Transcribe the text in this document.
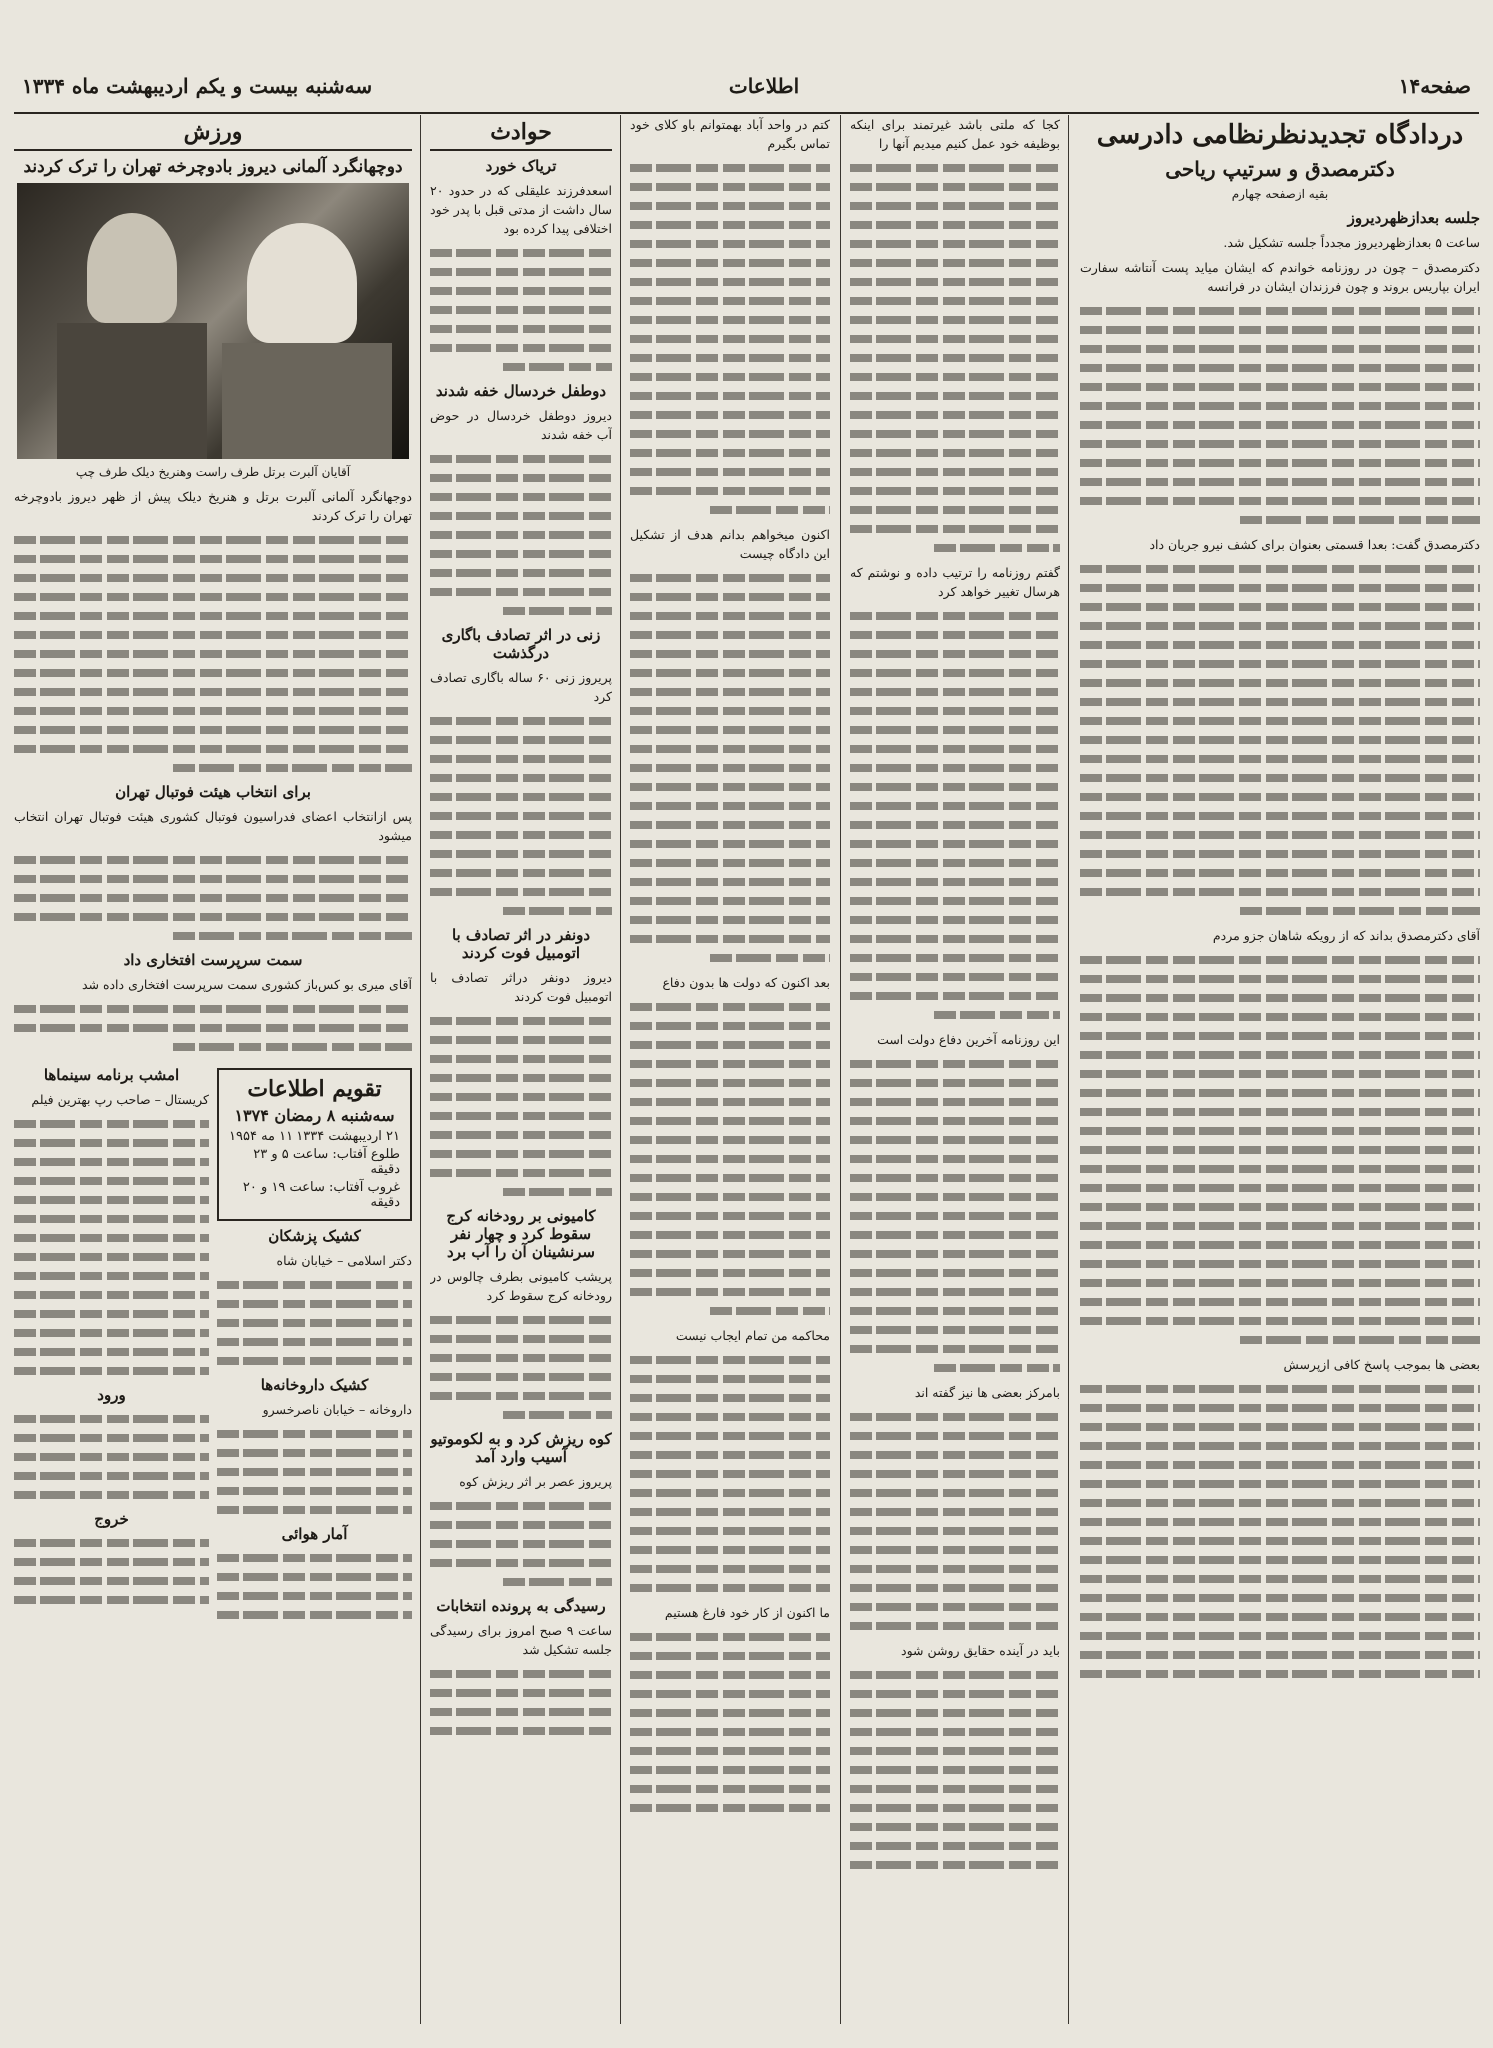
صفحه۱۴
اطلاعات
سه‌شنبه بیست و یکم اردیبهشت ماه ۱۳۳۴
دردادگاه تجدیدنظرنظامی دادرسی
دکترمصدق و سرتیپ ریاحی
بقیه ازصفحه چهارم
جلسه بعدازظهردیروز

ساعت ۵ بعدازظهردیروز مجدداً جلسه تشکیل شد.

دکترمصدق – چون در روزنامه خواندم که ایشان میاید پست آنتاشه سفارت ایران بپاریس بروند و چون فرزندان ایشان در فرانسه

دکترمصدق گفت: بعدا قسمتی بعنوان برای کشف نیرو جریان داد

آقای دکترمصدق بداند که از رویکه شاهان جزو مردم

بعضی ها بموجب پاسخ کافی ازپرسش

کجا که ملتی باشد غیرتمند برای اینکه بوظیفه خود عمل کنیم میدیم آنها را

گفتم روزنامه را ترتیب داده و نوشتم که هرسال تغییر خواهد کرد

این روزنامه آخرین دفاع دولت است

بامرکز بعضی ها نیز گفته اند

باید در آینده حقایق روشن شود

کتم در واحد آباد بهمتوانم باو کلای خود تماس بگیرم

اکنون میخواهم بدانم هدف از تشکیل این دادگاه چیست

بعد اکنون که دولت ها بدون دفاع

محاکمه من تمام ایجاب نیست

ما اکنون از کار خود فارغ هستیم

حوادث
تریاک خورد

اسعدفرزند علیقلی که در حدود ۲۰ سال داشت از مدتی قبل با پدر خود اختلافی پیدا کرده بود

دوطفل خردسال خفه شدند

دیروز دوطفل خردسال در حوض آب خفه شدند

زنی در اثر تصادف باگاری درگذشت

پریروز زنی ۶۰ ساله باگاری تصادف کرد

دونفر در اثر تصادف با اتومبیل فوت کردند

دیروز دونفر دراثر تصادف با اتومبیل فوت کردند

کامیونی بر رودخانه کرج سقوط کرد و چهار نفر سرنشینان آن را آب برد

پریشب کامیونی بطرف چالوس در رودخانه کرج سقوط کرد

کوه ریزش کرد و به لکوموتیو آسیب وارد آمد

پریروز عصر بر اثر ریزش کوه

رسیدگی به پرونده انتخابات

ساعت ۹ صبح امروز برای رسیدگی جلسه تشکیل شد

ورزش
دوچهانگرد آلمانی دیروز بادوچرخه تهران را ترک کردند
آقایان آلبرت برتل طرف راست وهنریخ دیلک طرف چپ

دوجهانگرد آلمانی آلبرت برتل و هنریخ دیلک پیش از ظهر دیروز بادوچرخه تهران را ترک کردند

برای انتخاب هیئت فوتبال تهران

پس ازانتخاب اعضای فدراسیون فوتبال کشوری هیئت فوتبال تهران انتخاب میشود

سمت سرپرست افتخاری داد

آقای میری بو کس‌باز کشوری سمت سرپرست افتخاری داده شد

تقویم اطلاعات
سه‌شنبه ۸ رمضان ۱۳۷۴
۲۱ اردیبهشت ۱۳۳۴
۱۱ مه ۱۹۵۴
طلوع آفتاب: ساعت ۵ و ۲۳ دقیقه
غروب آفتاب: ساعت ۱۹ و ۲۰ دقیقه
کشیک پزشکان

دکتر اسلامی – خیابان شاه

کشیک داروخانه‌ها

داروخانه – خیابان ناصرخسرو

آمار هوائی
امشب برنامه سینماها

کریستال – صاحب رپ بهترین فیلم

ورود
خروج
